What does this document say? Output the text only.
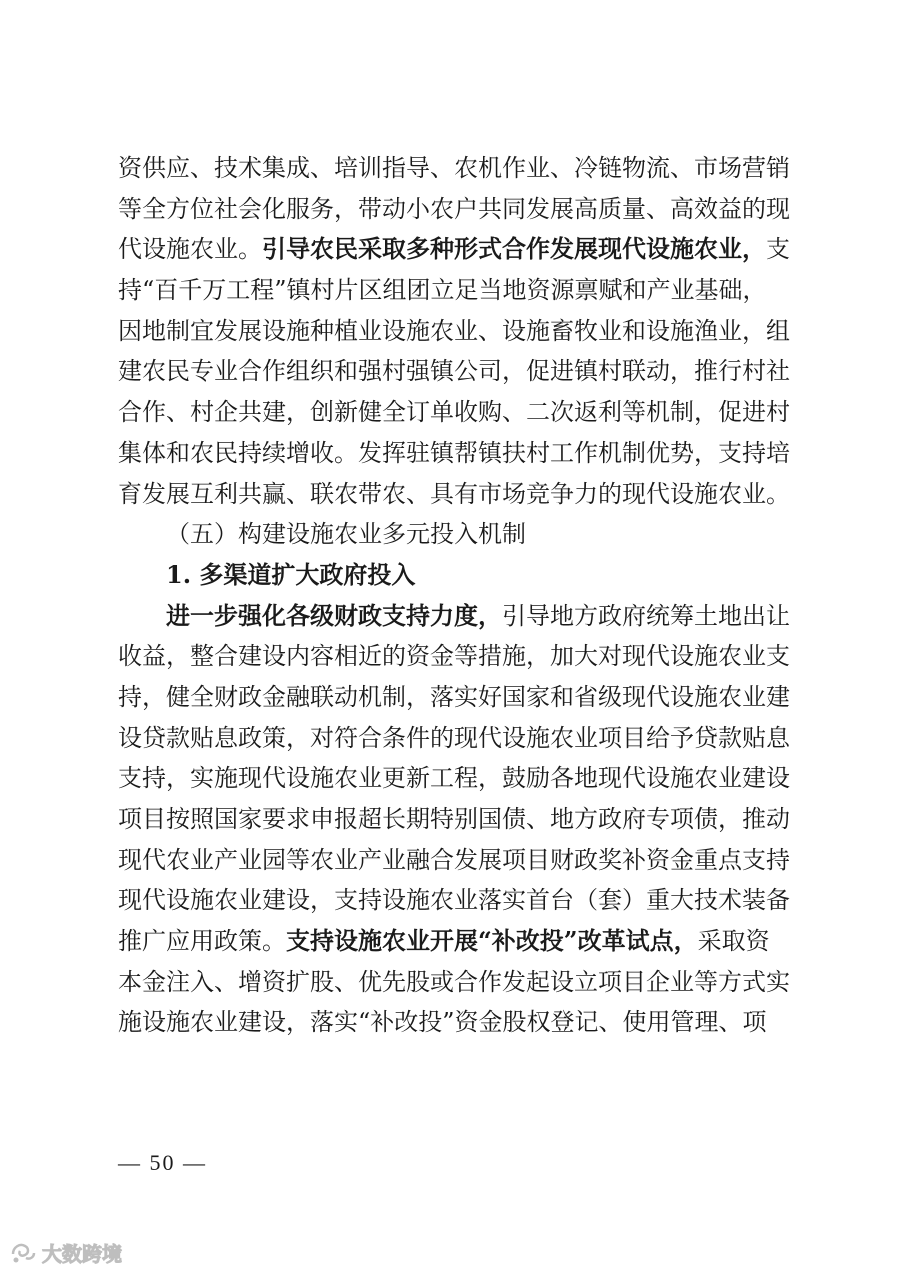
资供应、技术集成、培训指导、农机作业、冷链物流、市场营销
等全方位社会化服务，带动小农户共同发展高质量、高效益的现
代设施农业。引导农民采取多种形式合作发展现代设施农业，支
持“百千万工程”镇村片区组团立足当地资源禀赋和产业基础，
因地制宜发展设施种植业设施农业、设施畜牧业和设施渔业，组
建农民专业合作组织和强村强镇公司，促进镇村联动，推行村社
合作、村企共建，创新健全订单收购、二次返利等机制，促进村
集体和农民持续增收。发挥驻镇帮镇扶村工作机制优势，支持培
育发展互利共赢、联农带农、具有市场竞争力的现代设施农业。
（五）构建设施农业多元投入机制
1. 多渠道扩大政府投入
进一步强化各级财政支持力度，引导地方政府统筹土地出让
收益，整合建设内容相近的资金等措施，加大对现代设施农业支
持，健全财政金融联动机制，落实好国家和省级现代设施农业建
设贷款贴息政策，对符合条件的现代设施农业项目给予贷款贴息
支持，实施现代设施农业更新工程，鼓励各地现代设施农业建设
项目按照国家要求申报超长期特别国债、地方政府专项债，推动
现代农业产业园等农业产业融合发展项目财政奖补资金重点支持
现代设施农业建设，支持设施农业落实首台（套）重大技术装备
推广应用政策。支持设施农业开展“补改投”改革试点，采取资
本金注入、增资扩股、优先股或合作发起设立项目企业等方式实
施设施农业建设，落实“补改投”资金股权登记、使用管理、项
— 50 —
大数跨境
